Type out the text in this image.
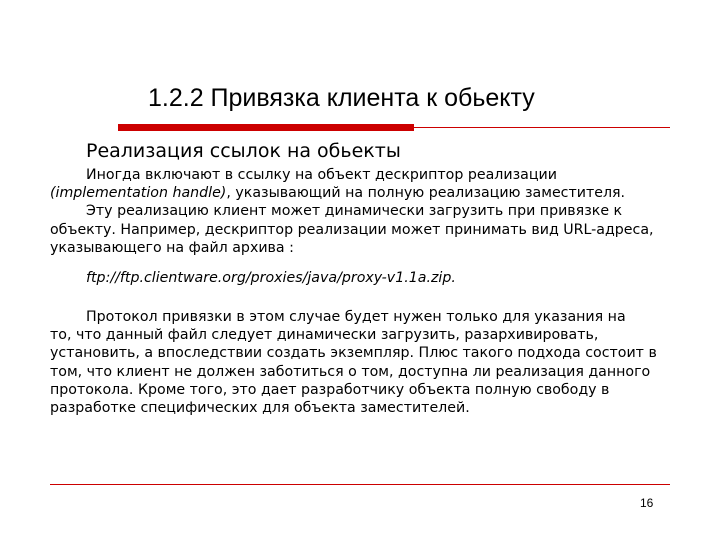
1.2.2 Привязка клиента к обьекту
Реализация ссылок на обьекты
Иногда включают в ссылку на объект дескриптор реализации
(implementation handle), указывающий на полную реализацию заместителя.
Эту реализацию клиент может динамически загрузить при привязке к
объекту. Например, дескриптор реализации может принимать вид URL-адреса, указывающего на файл архива :
ftp://ftp.clientware.org/proxies/java/proxy-v1.1a.zip.
Протокол привязки в этом случае будет нужен только для указания на
то, что данный файл следует динамически загрузить, разархивировать, установить, а впоследствии создать экземпляр. Плюс такого подхода состоит в том, что клиент не должен заботиться о том, доступна ли реализация данного протокола. Кроме того, это дает разработчику объекта полную свободу в разработке специфических для объекта заместителей.
16
